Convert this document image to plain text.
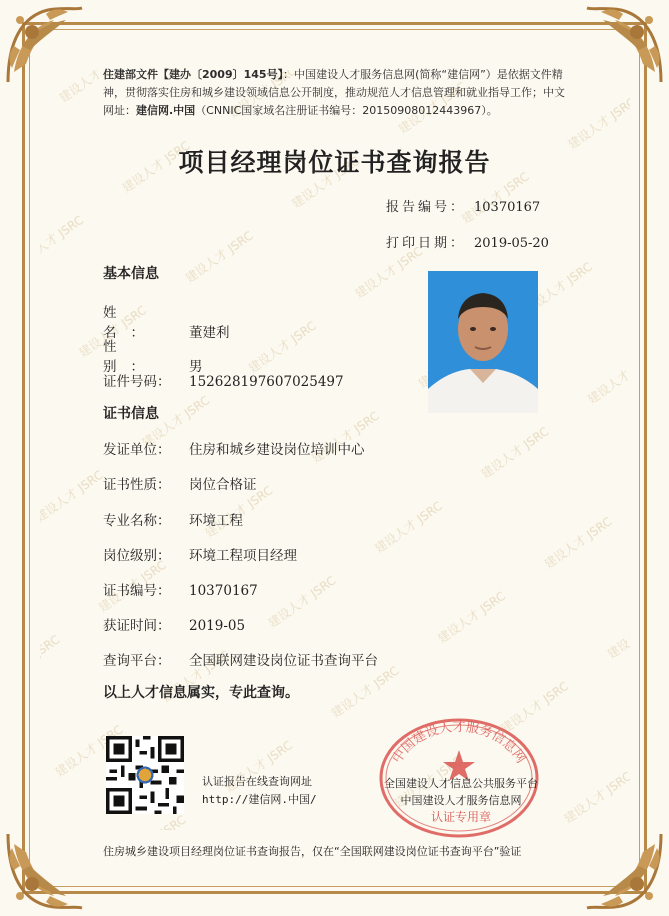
住建部文件【建办〔2009〕145号】：中国建设人才服务信息网(简称“建信网”）是依据文件精神，贯彻落实住房和城乡建设领域信息公开制度，推动规范人才信息管理和就业指导工作；中文网址：建信网.中国（CNNIC国家域名注册证书编号：20150908012443967）。
项目经理岗位证书查询报告
报告编号： 10370167
打印日期： 2019-05-20
基本信息
姓 名： 董建利
性 别： 男
证件号码： 152628197607025497
证书信息
发证单位： 住房和城乡建设岗位培训中心
证书性质： 岗位合格证
专业名称： 环境工程
岗位级别： 环境工程项目经理
证书编号： 10370167
获证时间： 2019-05
查询平台： 全国联网建设岗位证书查询平台
以上人才信息属实，专此查询。
认证报告在线查询网址
http://建信网.中国/
中国建设人才服务信息网
全国建设人才信息公共服务平台
中国建设人才服务信息网
认证专用章
住房城乡建设项目经理岗位证书查询报告，仅在“全国联网建设岗位证书查询平台”验证
